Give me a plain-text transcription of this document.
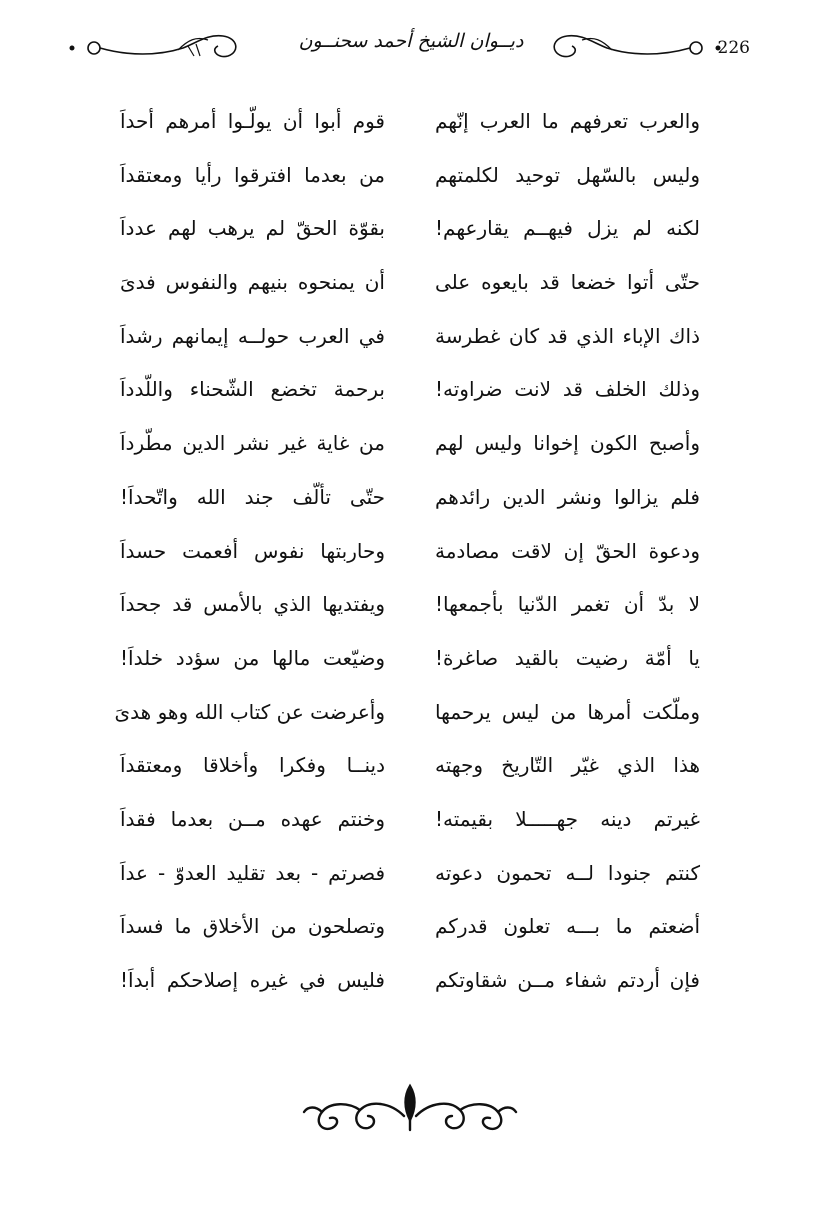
ديــوان الشيخ أحمد سحنــون	226
والعرب تعرفهم ما العرب إنّهم
قوم أبوا أن يولّـوا أمرهم أحداَ
وليس بالسّهل توحيد لكلمتهم
من بعدما افترقوا رأيا ومعتقداَ
لكنه لم يزل فيهــم يقارعهم!
بقوّة الحقّ لم يرهب لهم عدداَ
حتّى أتوا خضعا قد بايعوه على
أن يمنحوه بنيهم والنفوس فدىَ
ذاك الإباء الذي قد كان غطرسة
في العرب حولــه إيمانهم رشداَ
وذلك الخلف قد لانت ضراوته!
برحمة تخضع الشّحناء واللّدداَ
وأصبح الكون إخوانا وليس لهم
من غاية غير نشر الدين مطّرداَ
فلم يزالوا ونشر الدين رائدهم
حتّى تألّف جند الله واتّحداَ!
ودعوة الحقّ إن لاقت مصادمة
وحاربتها نفوس أفعمت حسداَ
لا بدّ أن تغمر الدّنيا بأجمعها!
ويفتديها الذي بالأمس قد جحداَ
يا أمّة رضيت بالقيد صاغرة!
وضيّعت مالها من سؤدد خلداَ!
وملّكت أمرها من ليس يرحمها
وأعرضت عن كتاب الله وهو هدىَ
هذا الذي غيّر التّاريخ وجهته
دينــا وفكرا وأخلاقا ومعتقداَ
غيرتم دينه جهـــــلا بقيمته!
وخنتم عهده مــن بعدما فقداَ
كنتم جنودا لــه تحمون دعوته
فصرتم - بعد تقليد العدوّ - عداَ
أضعتم ما بـــه تعلون قدركم
وتصلحون من الأخلاق ما فسداَ
فإن أردتم شفاء مــن شقاوتكم
فليس في غيره إصلاحكم أبداَ!
